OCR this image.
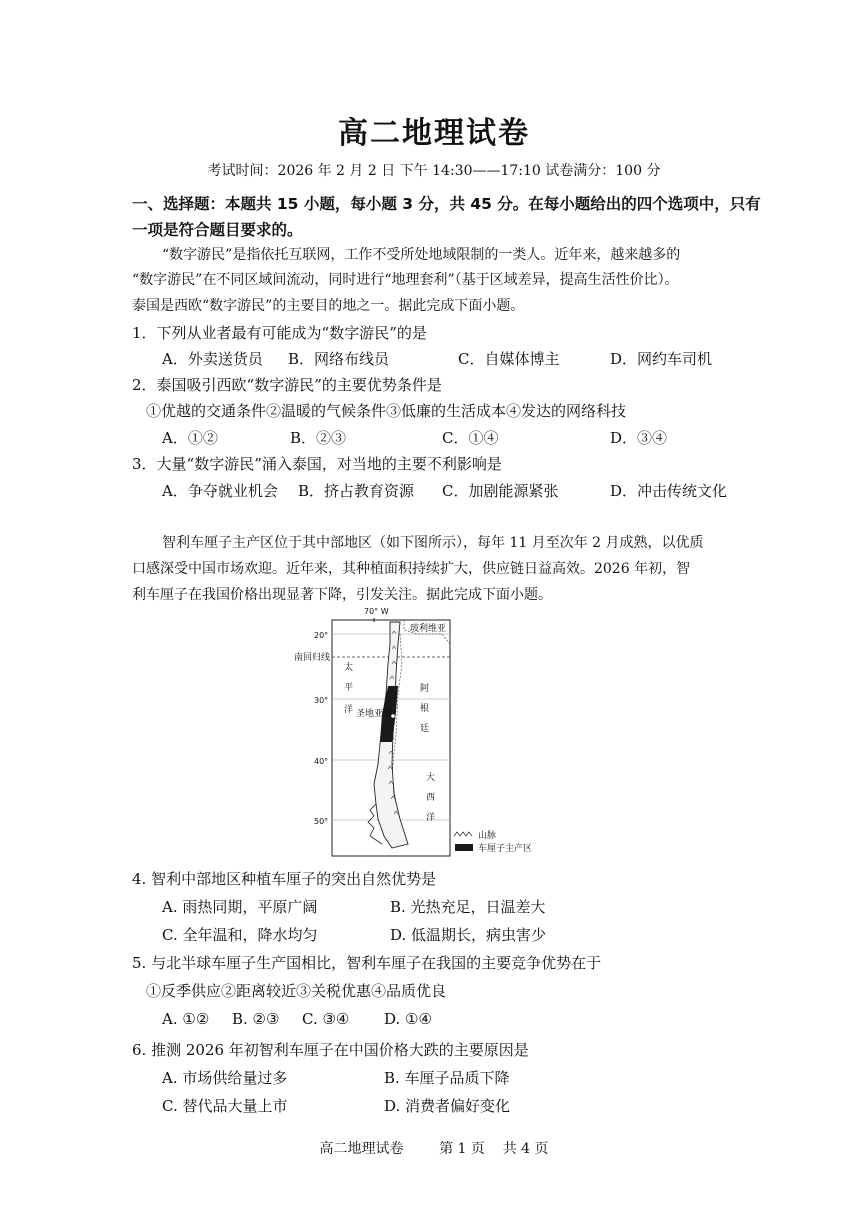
高二地理试卷
考试时间：2026 年 2 月 2 日 下午 14:30——17:10 试卷满分：100 分
一、选择题：本题共 15 小题，每小题 3 分，共 45 分。在每小题给出的四个选项中，只有
一项是符合题目要求的。
“数字游民”是指依托互联网，工作不受所处地域限制的一类人。近年来，越来越多的
“数字游民”在不同区域间流动，同时进行“地理套利”（基于区域差异，提高生活性价比）。
泰国是西欧“数字游民”的主要目的地之一。据此完成下面小题。
1．下列从业者最有可能成为“数字游民”的是
A．外卖送货员 B．网络布线员	C．自媒体博主	D．网约车司机
2．泰国吸引西欧“数字游民”的主要优势条件是
①优越的交通条件②温暖的气候条件③低廉的生活成本④发达的网络科技
A．①②	B．②③	C．①④	D．③④
3．大量“数字游民”涌入泰国，对当地的主要不利影响是
A．争夺就业机会 B．挤占教育资源 C．加剧能源紧张	D．冲击传统文化
智利车厘子主产区位于其中部地区（如下图所示），每年 11 月至次年 2 月成熟，以优质
口感深受中国市场欢迎。近年来，其种植面积持续扩大，供应链日益高效。2026 年初，智
利车厘子在我国价格出现显著下降，引发关注。据此完成下面小题。
70° W
20°
30°
40°
50°
南回归线
玻利维亚
太
平
洋 圣地亚哥
阿
根
廷
大
西
洋
山脉
车厘子主产区
4. 智利中部地区种植车厘子的突出自然优势是
A. 雨热同期，平原广阔	B. 光热充足，日温差大
C. 全年温和，降水均匀	D. 低温期长，病虫害少
5. 与北半球车厘子生产国相比，智利车厘子在我国的主要竞争优势在于
①反季供应②距离较近③关税优惠④品质优良
A. ①② B. ②③ C. ③④ D. ①④
6. 推测 2026 年初智利车厘子在中国价格大跌的主要原因是
A. 市场供给量过多	B. 车厘子品质下降
C. 替代品大量上市	D. 消费者偏好变化
高二地理试卷        第 1 页    共 4 页
